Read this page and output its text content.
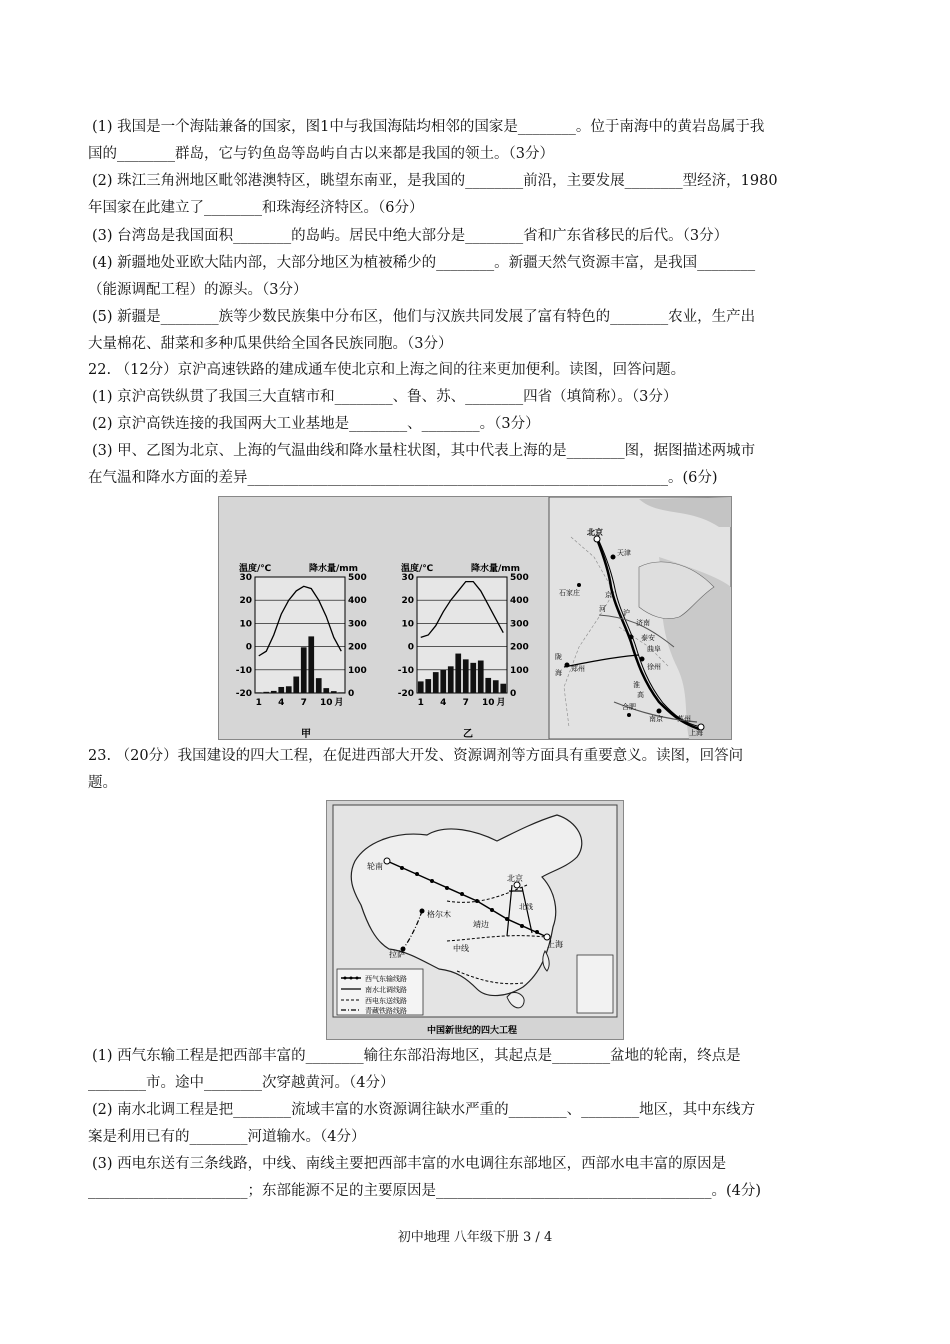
(1) 我国是一个海陆兼备的国家，图1中与我国海陆均相邻的国家是________。位于南海中的黄岩岛属于我
国的________群岛，它与钓鱼岛等岛屿自古以来都是我国的领土。（3分）
(2) 珠江三角洲地区毗邻港澳特区，眺望东南亚，是我国的________前沿，主要发展________型经济，1980
年国家在此建立了________和珠海经济特区。（6分）
(3) 台湾岛是我国面积________的岛屿。居民中绝大部分是________省和广东省移民的后代。（3分）
(4) 新疆地处亚欧大陆内部，大部分地区为植被稀少的________。新疆天然气资源丰富，是我国________
（能源调配工程）的源头。（3分）
(5) 新疆是________族等少数民族集中分布区，他们与汉族共同发展了富有特色的________农业，生产出
大量棉花、甜菜和多种瓜果供给全国各民族同胞。（3分）
22. （12分）京沪高速铁路的建成通车使北京和上海之间的往来更加便利。读图，回答问题。
(1) 京沪高铁纵贯了我国三大直辖市和________、鲁、苏、________四省（填简称）。（3分）
(2) 京沪高铁连接的我国两大工业基地是________、________。（3分）
(3) 甲、乙图为北京、上海的气温曲线和降水量柱状图，其中代表上海的是________图，据图描述两城市
在气温和降水方面的差异__________________________________________________________。(6分)
温度/℃	降水量/mm
甲
30
20
10
0
-10
-20
500
400
300
200
100
0
1 4 7 10 月
温度/℃	降水量/mm
乙
30
20
10
0
-10
-20
500
400
300
200
100
0
1 4 7 10 月
北京
天津
石家庄	京
济南
泰安
曲阜
郑州	徐州
合肥
南京 苏州
上海
沪
淮
河
陇
海
高
23. （20分）我国建设的四大工程，在促进西部大开发、资源调剂等方面具有重要意义。读图，回答问
题。
轮南
北京
格尔木
靖边
拉萨
中线	上海
北线
西气东输线路
南水北调线路
西电东送线路
青藏铁路线路
中国新世纪的四大工程
(1) 西气东输工程是把西部丰富的________输往东部沿海地区，其起点是________盆地的轮南，终点是
________市。途中________次穿越黄河。（4分）
(2) 南水北调工程是把________流域丰富的水资源调往缺水严重的________、________地区，其中东线方
案是利用已有的________河道输水。（4分）
(3) 西电东送有三条线路，中线、南线主要把西部丰富的水电调往东部地区，西部水电丰富的原因是
______________________；东部能源不足的主要原因是______________________________________。(4分)
初中地理 八年级下册 3 / 4
